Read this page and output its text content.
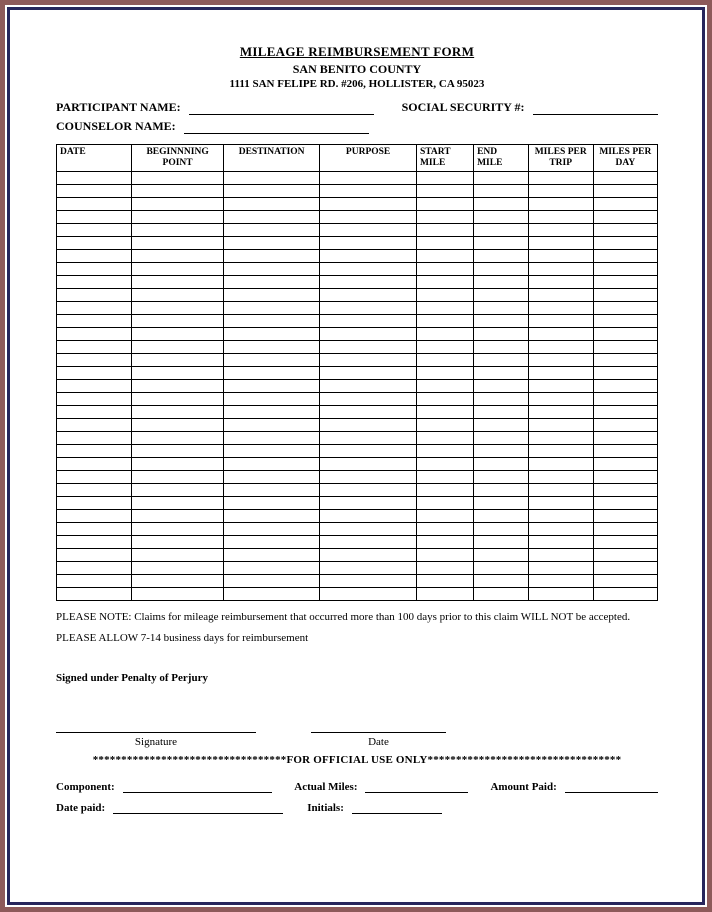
MILEAGE REIMBURSEMENT FORM
SAN BENITO COUNTY
1111 SAN FELIPE RD. #206, HOLLISTER, CA 95023
PARTICIPANT NAME:	SOCIAL SECURITY #:
COUNSELOR NAME:
DATE	BEGINNNING POINT	DESTINATION	PURPOSE	START MILE	END MILE	MILES PER TRIP	MILES PER DAY

PLEASE NOTE: Claims for mileage reimbursement that occurred more than 100 days prior to this claim WILL NOT be accepted.
PLEASE ALLOW 7-14 business days for reimbursement
Signed under Penalty of Perjury
Signature	Date
**********************************FOR OFFICIAL USE ONLY**********************************
Component:	Actual Miles:	Amount Paid:
Date paid:	Initials:
